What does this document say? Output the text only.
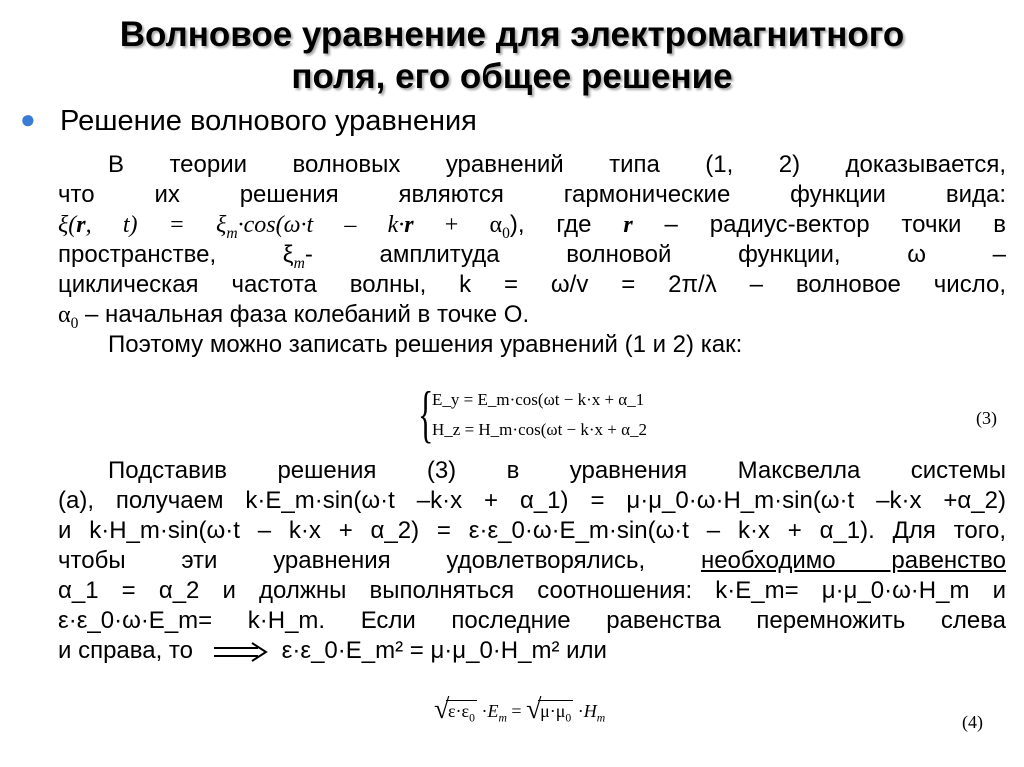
Волновое уравнение для электромагнитного
поля, его общее решение
● Решение волнового уравнения
В теории волновых уравнений типа (1, 2) доказывается,
что их решения являются гармонические функции вида:
ξ(r, $t) = \xi_m\cdot\cos(\omega\cdot t - k\cdot r + \alpha_0)$, где r – радиус-вектор точки в
пространстве, $\xi_m-$ амплитуда волновой функции, ω –
циклическая частота волны, k = ω/v = 2π/λ – волновое число,
$\alpha_0$ – начальная фаза колебаний в точке O.
Поэтому можно записать решения уравнений (1 и 2) как:
{
E_y = E_m·cos(ωt − k·x + α_1
H_z = H_m·cos(ωt − k·x + α_2
(3)
Подставив решения (3) в уравнения Максвелла системы
(a), получаем k·E_m·sin(ω·t –k·x + α_1) = μ·μ_0·ω·H_m·sin(ω·t –k·x +α_2)
и k·H_m·sin(ω·t – k·x + α_2) = ε·ε_0·ω·E_m·sin(ω·t – k·x + α_1). Для того,
чтобы эти уравнения удовлетворялись, необходимо равенство
α_1 = α_2 и должны выполняться соотношения: k·E_m= μ·μ_0·ω·H_m и
ε·ε_0·ω·E_m= k·H_m. Если последние равенства перемножить слева
и справа, то	ε·ε_0·E_m² = μ·μ_0·H_m² или
√
$\varepsilon\cdot\varepsilon_0 \cdot E_m$ = √
$\mu\cdot\mu_0 \cdot H_m$	(4)
